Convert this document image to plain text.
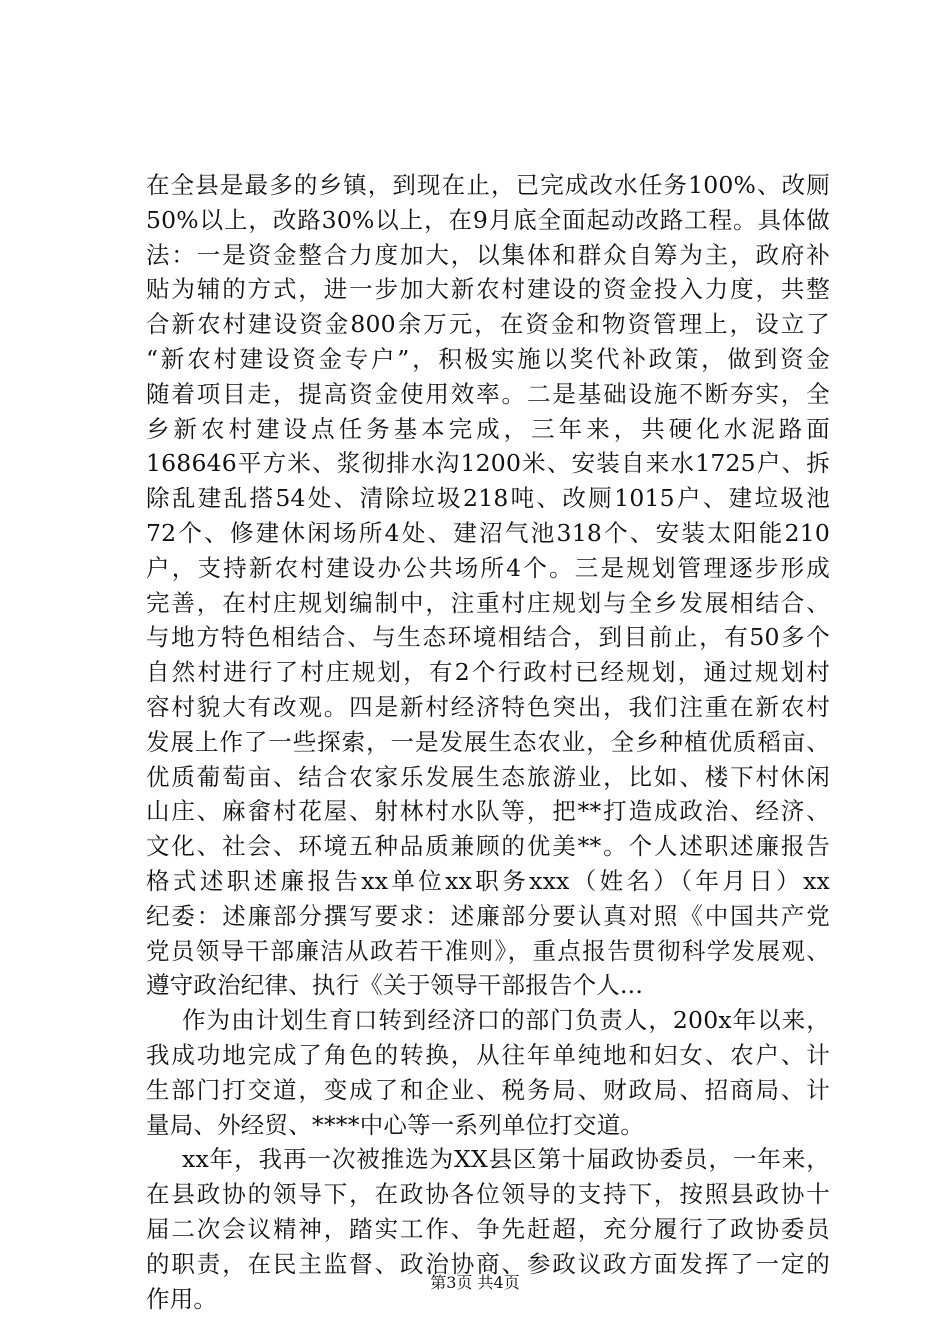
在全县是最多的乡镇，到现在止，已完成改水任务100%、改厕
50%以上，改路30%以上，在9月底全面起动改路工程。具体做
法：一是资金整合力度加大，以集体和群众自筹为主，政府补
贴为辅的方式，进一步加大新农村建设的资金投入力度，共整
合新农村建设资金800余万元，在资金和物资管理上，设立了
“新农村建设资金专户”，积极实施以奖代补政策，做到资金
随着项目走，提高资金使用效率。二是基础设施不断夯实，全
乡新农村建设点任务基本完成，三年来，共硬化水泥路面
168646平方米、浆彻排水沟1200米、安装自来水1725户、拆
除乱建乱搭54处、清除垃圾218吨、改厕1015户、建垃圾池
72个、修建休闲场所4处、建沼气池318个、安装太阳能210
户，支持新农村建设办公共场所4个。三是规划管理逐步形成
完善，在村庄规划编制中，注重村庄规划与全乡发展相结合、
与地方特色相结合、与生态环境相结合，到目前止，有50多个
自然村进行了村庄规划，有2个行政村已经规划，通过规划村
容村貌大有改观。四是新村经济特色突出，我们注重在新农村
发展上作了一些探索，一是发展生态农业，全乡种植优质稻亩、
优质葡萄亩、结合农家乐发展生态旅游业，比如、楼下村休闲
山庄、麻畲村花屋、射林村水队等，把**打造成政治、经济、
文化、社会、环境五种品质兼顾的优美**。个人述职述廉报告
格式述职述廉报告xx单位xx职务xxx（姓名）（年月日）xx
纪委：述廉部分撰写要求：述廉部分要认真对照《中国共产党
党员领导干部廉洁从政若干准则》，重点报告贯彻科学发展观、
遵守政治纪律、执行《关于领导干部报告个人...
作为由计划生育口转到经济口的部门负责人，200x年以来，
我成功地完成了角色的转换，从往年单纯地和妇女、农户、计
生部门打交道，变成了和企业、税务局、财政局、招商局、计
量局、外经贸、****中心等一系列单位打交道。
xx年，我再一次被推选为XX县区第十届政协委员，一年来，
在县政协的领导下，在政协各位领导的支持下，按照县政协十
届二次会议精神，踏实工作、争先赶超，充分履行了政协委员
的职责，在民主监督、政治协商、参政议政方面发挥了一定的
作用。
第3页 共4页
